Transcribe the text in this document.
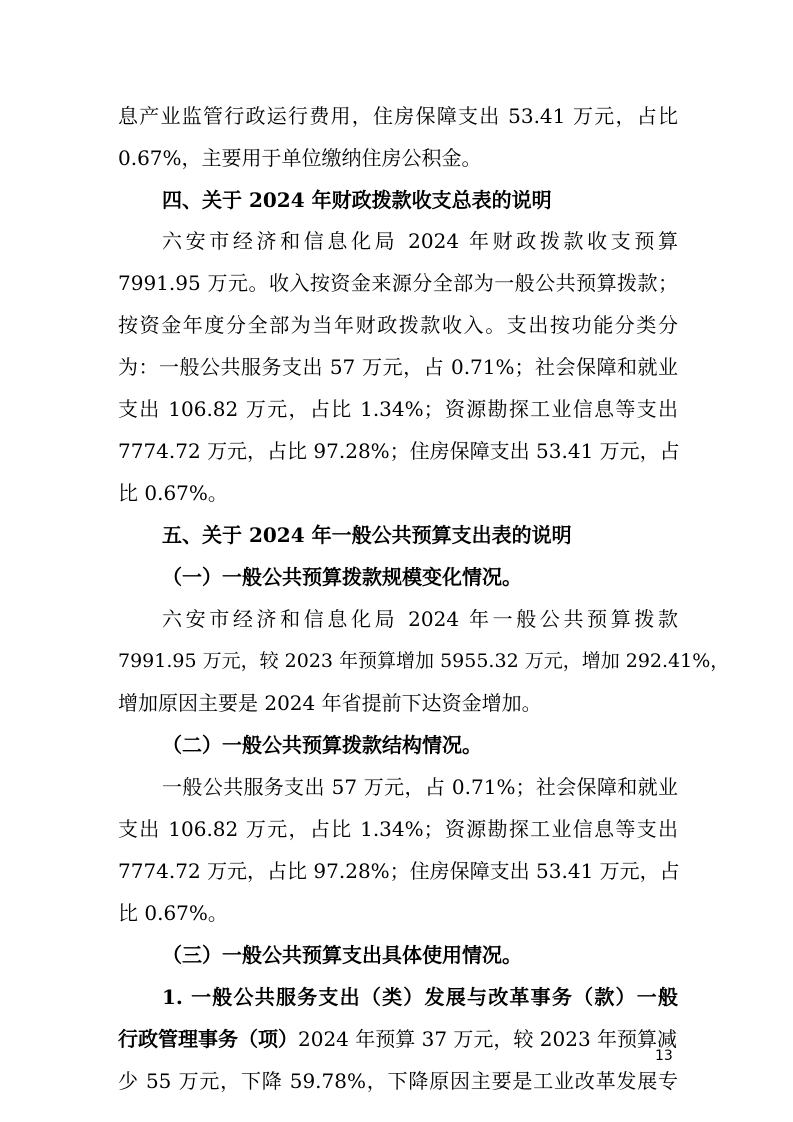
息产业监管行政运行费用，住房保障支出 53.41 万元，占比
0.67%，主要用于单位缴纳住房公积金。
四、关于 2024 年财政拨款收支总表的说明
六安市经济和信息化局 2024 年财政拨款收支预算
7991.95 万元。收入按资金来源分全部为一般公共预算拨款；
按资金年度分全部为当年财政拨款收入。支出按功能分类分
为：一般公共服务支出 57 万元，占 0.71%；社会保障和就业
支出 106.82 万元，占比 1.34%；资源勘探工业信息等支出
7774.72 万元，占比 97.28%；住房保障支出 53.41 万元，占
比 0.67%。
五、关于 2024 年一般公共预算支出表的说明
（一）一般公共预算拨款规模变化情况。
六安市经济和信息化局 2024 年一般公共预算拨款
7991.95 万元，较 2023 年预算增加 5955.32 万元，增加 292.41%，
增加原因主要是 2024 年省提前下达资金增加。
（二）一般公共预算拨款结构情况。
一般公共服务支出 57 万元，占 0.71%；社会保障和就业
支出 106.82 万元，占比 1.34%；资源勘探工业信息等支出
7774.72 万元，占比 97.28%；住房保障支出 53.41 万元，占
比 0.67%。
（三）一般公共预算支出具体使用情况。
1. 一般公共服务支出（类）发展与改革事务（款）一般
行政管理事务（项）2024 年预算 37 万元，较 2023 年预算减
少 55 万元，下降 59.78%，下降原因主要是工业改革发展专
13
